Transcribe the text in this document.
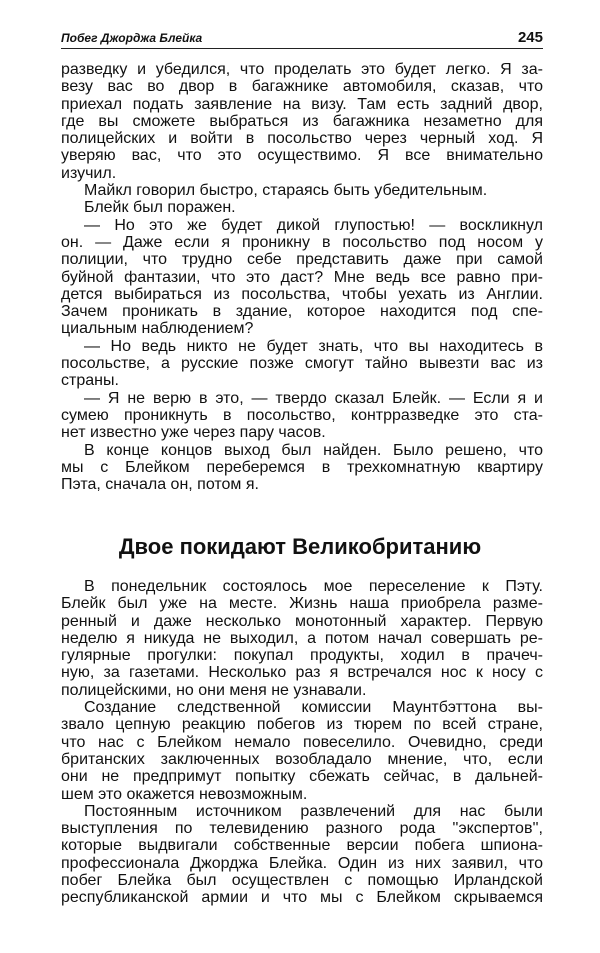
Побег Джорджа Блейка	245
разведку и убедился, что проделать это будет легко. Я за-
везу вас во двор в багажнике автомобиля, сказав, что
приехал подать заявление на визу. Там есть задний двор,
где вы сможете выбраться из багажника незаметно для
полицейских и войти в посольство через черный ход. Я
уверяю вас, что это осуществимо. Я все внимательно
изучил.
Майкл говорил быстро, стараясь быть убедительным.
Блейк был поражен.
— Но это же будет дикой глупостью! — воскликнул
он. — Даже если я проникну в посольство под носом у
полиции, что трудно себе представить даже при самой
буйной фантазии, что это даст? Мне ведь все равно при-
дется выбираться из посольства, чтобы уехать из Англии.
Зачем проникать в здание, которое находится под спе-
циальным наблюдением?
— Но ведь никто не будет знать, что вы находитесь в
посольстве, а русские позже смогут тайно вывезти вас из
страны.
— Я не верю в это, — твердо сказал Блейк. — Если я и
сумею проникнуть в посольство, контрразведке это ста-
нет известно уже через пару часов.
В конце концов выход был найден. Было решено, что
мы с Блейком переберемся в трехкомнатную квартиру
Пэта, сначала он, потом я.
Двое покидают Великобританию
В понедельник состоялось мое переселение к Пэту.
Блейк был уже на месте. Жизнь наша приобрела разме-
ренный и даже несколько монотонный характер. Первую
неделю я никуда не выходил, а потом начал совершать ре-
гулярные прогулки: покупал продукты, ходил в прачеч-
ную, за газетами. Несколько раз я встречался нос к носу с
полицейскими, но они меня не узнавали.
Создание следственной комиссии Маунтбэттона вы-
звало цепную реакцию побегов из тюрем по всей стране,
что нас с Блейком немало повеселило. Очевидно, среди
британских заключенных возобладало мнение, что, если
они не предпримут попытку сбежать сейчас, в дальней-
шем это окажется невозможным.
Постоянным источником развлечений для нас были
выступления по телевидению разного рода ''экспертов'',
которые выдвигали собственные версии побега шпиона-
профессионала Джорджа Блейка. Один из них заявил, что
побег Блейка был осуществлен с помощью Ирландской
республиканской армии и что мы с Блейком скрываемся
